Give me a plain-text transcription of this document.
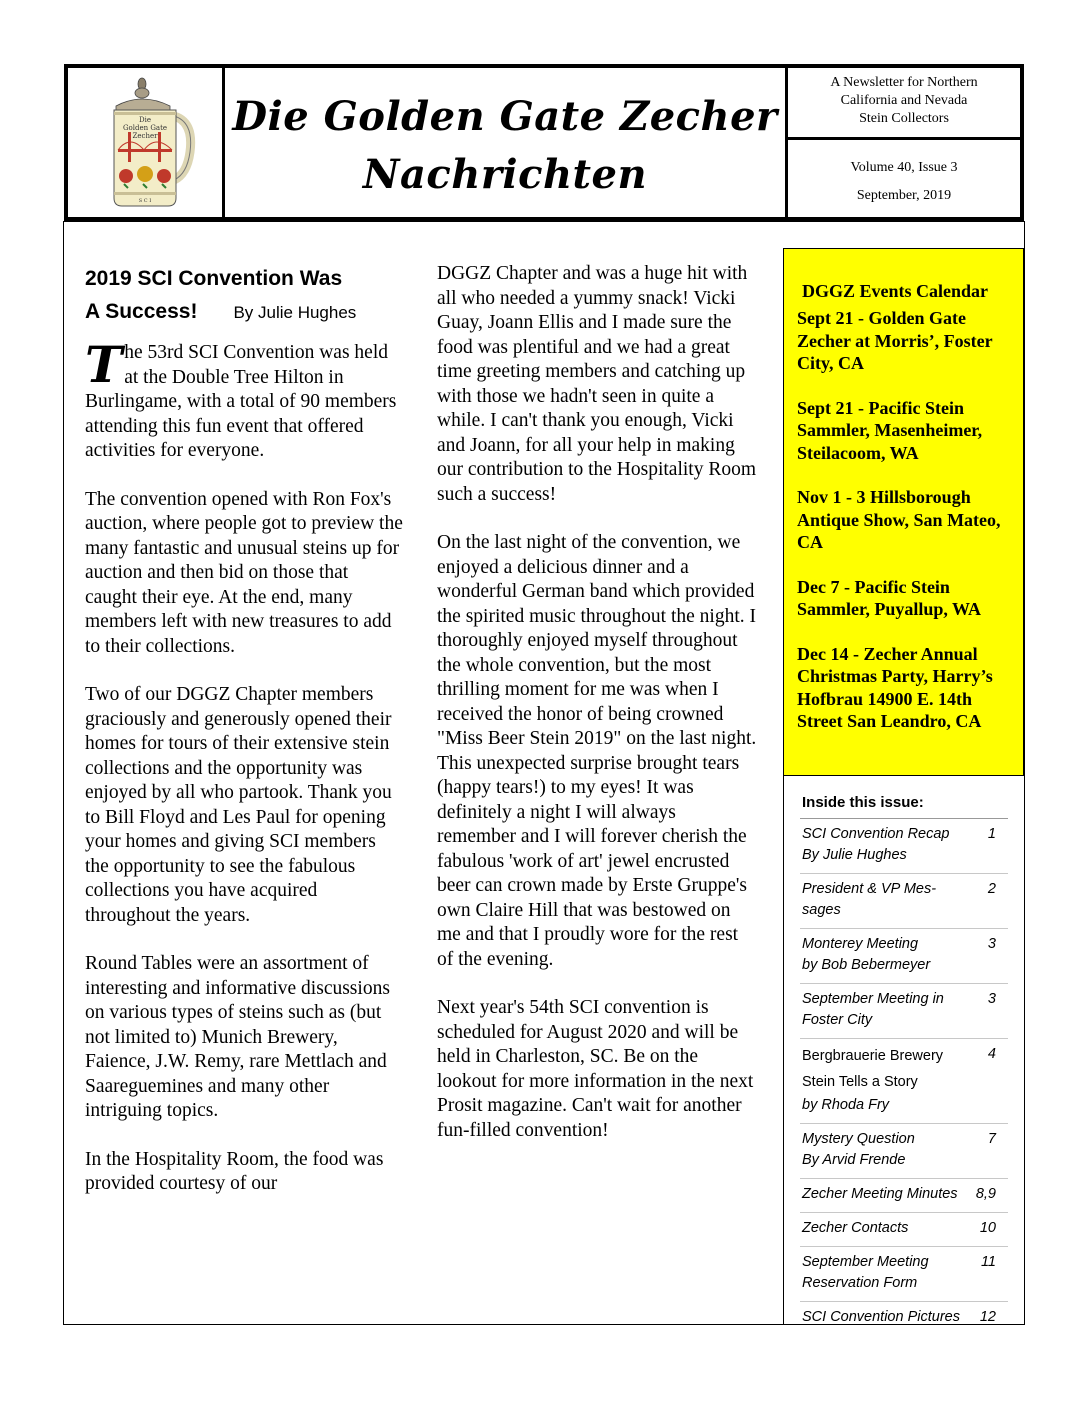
Die
Golden Gate
Zecher
S C I
Die Golden Gate Zecher
Nachrichten
A Newsletter for Northern
California and Nevada
Stein Collectors
Volume 40, Issue 3
September, 2019
2019 SCI Convention Was
A Success! By Julie Hughes

The 53rd SCI Convention was held at the Double Tree Hilton in Burlingame, with a total of 90 members attending this fun event that offered activities for everyone.

The convention opened with Ron Fox's auction, where people got to preview the many fantastic and unusual steins up for auction and then bid on those that caught their eye. At the end, many members left with new treasures to add to their collections.

Two of our DGGZ Chapter members graciously and generously opened their homes for tours of their extensive stein collections and the opportunity was enjoyed by all who partook. Thank you to Bill Floyd and Les Paul for opening your homes and giving SCI members the opportunity to see the fabulous collections you have acquired throughout the years.

Round Tables were an assortment of interesting and informative discussions on various types of steins such as (but not limited to) Munich Brewery, Faience, J.W. Remy, rare Mettlach and Saareguemines and many other intriguing topics.

In the Hospitality Room, the food was provided courtesy of our

DGGZ Chapter and was a huge hit with all who needed a yummy snack! Vicki Guay, Joann Ellis and I made sure the food was plentiful and we had a great time greeting members and catching up with those we hadn't seen in quite a while. I can't thank you enough, Vicki and Joann, for all your help in making our contribution to the Hospitality Room such a success!

On the last night of the convention, we enjoyed a delicious dinner and a wonderful German band which provided the spirited music throughout the night. I thoroughly enjoyed myself throughout the whole convention, but the most thrilling moment for me was when I received the honor of being crowned "Miss Beer Stein 2019" on the last night. This unexpected surprise brought tears (happy tears!) to my eyes! It was definitely a night I will always remember and I will forever cherish the fabulous 'work of art' jewel encrusted beer can crown made by Erste Gruppe's own Claire Hill that was bestowed on me and that I proudly wore for the rest of the evening.

Next year's 54th SCI convention is scheduled for August 2020 and will be held in Charleston, SC. Be on the lookout for more information in the next Prosit magazine. Can't wait for another fun-filled convention!

DGGZ Events Calendar
Sept 21 - Golden Gate Zecher at Morris’, Foster City, CA
Sept 21 - Pacific Stein Sammler, Masenheimer, Steilacoom, WA
Nov 1 - 3 Hillsborough Antique Show, San Mateo, CA
Dec 7 - Pacific Stein Sammler, Puyallup, WA
Dec 14 - Zecher Annual Christmas Party, Harry’s Hofbrau 14900 E. 14th Street San Leandro, CA
Inside this issue:
SCI Convention Recap
By Julie Hughes
1
President & VP Mes-
sages
2
Monterey Meeting
by Bob Bebermeyer
3
September Meeting in
Foster City
3
Bergbrauerie Brewery
Stein Tells a Story
by Rhoda Fry
4
Mystery Question
By Arvid Frende
7
Zecher Meeting Minutes	8,9
Zecher Contacts	10
September Meeting
Reservation Form
11
SCI Convention Pictures	12
